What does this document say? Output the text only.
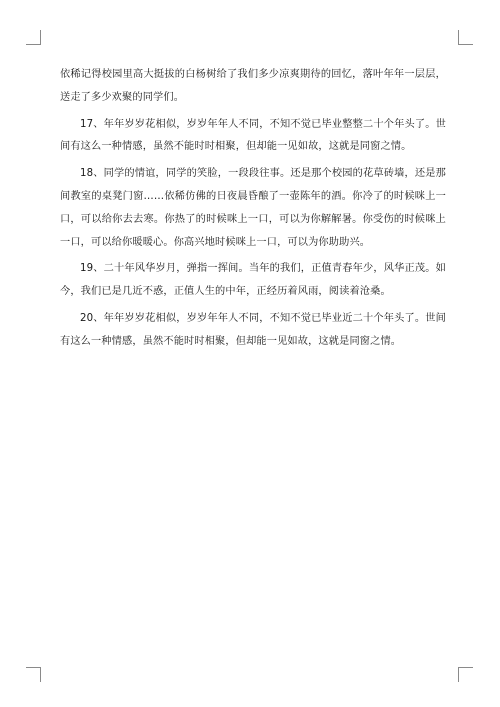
依稀记得校园里高大挺拔的白杨树给了我们多少凉爽期待的回忆，落叶年年一层层，送走了多少欢聚的同学们。

17、年年岁岁花相似，岁岁年年人不同，不知不觉已毕业整整二十个年头了。世间有这么一种情感，虽然不能时时相聚，但却能一见如故，这就是同窗之情。

18、同学的情谊，同学的笑脸，一段段往事。还是那个校园的花草砖墙，还是那间教室的桌凳门窗……依稀仿佛的日夜晨昏酿了一壶陈年的酒。你冷了的时候咪上一口，可以给你去去寒。你热了的时候咪上一口，可以为你解解暑。你受伤的时候咪上一口，可以给你暖暖心。你高兴地时候咪上一口，可以为你助助兴。

19、二十年风华岁月，弹指一挥间。当年的我们，正值青春年少，风华正茂。如今，我们已是几近不惑，正值人生的中年，正经历着风雨，阅读着沧桑。

20、年年岁岁花相似，岁岁年年人不同，不知不觉已毕业近二十个年头了。世间有这么一种情感，虽然不能时时相聚，但却能一见如故，这就是同窗之情。
